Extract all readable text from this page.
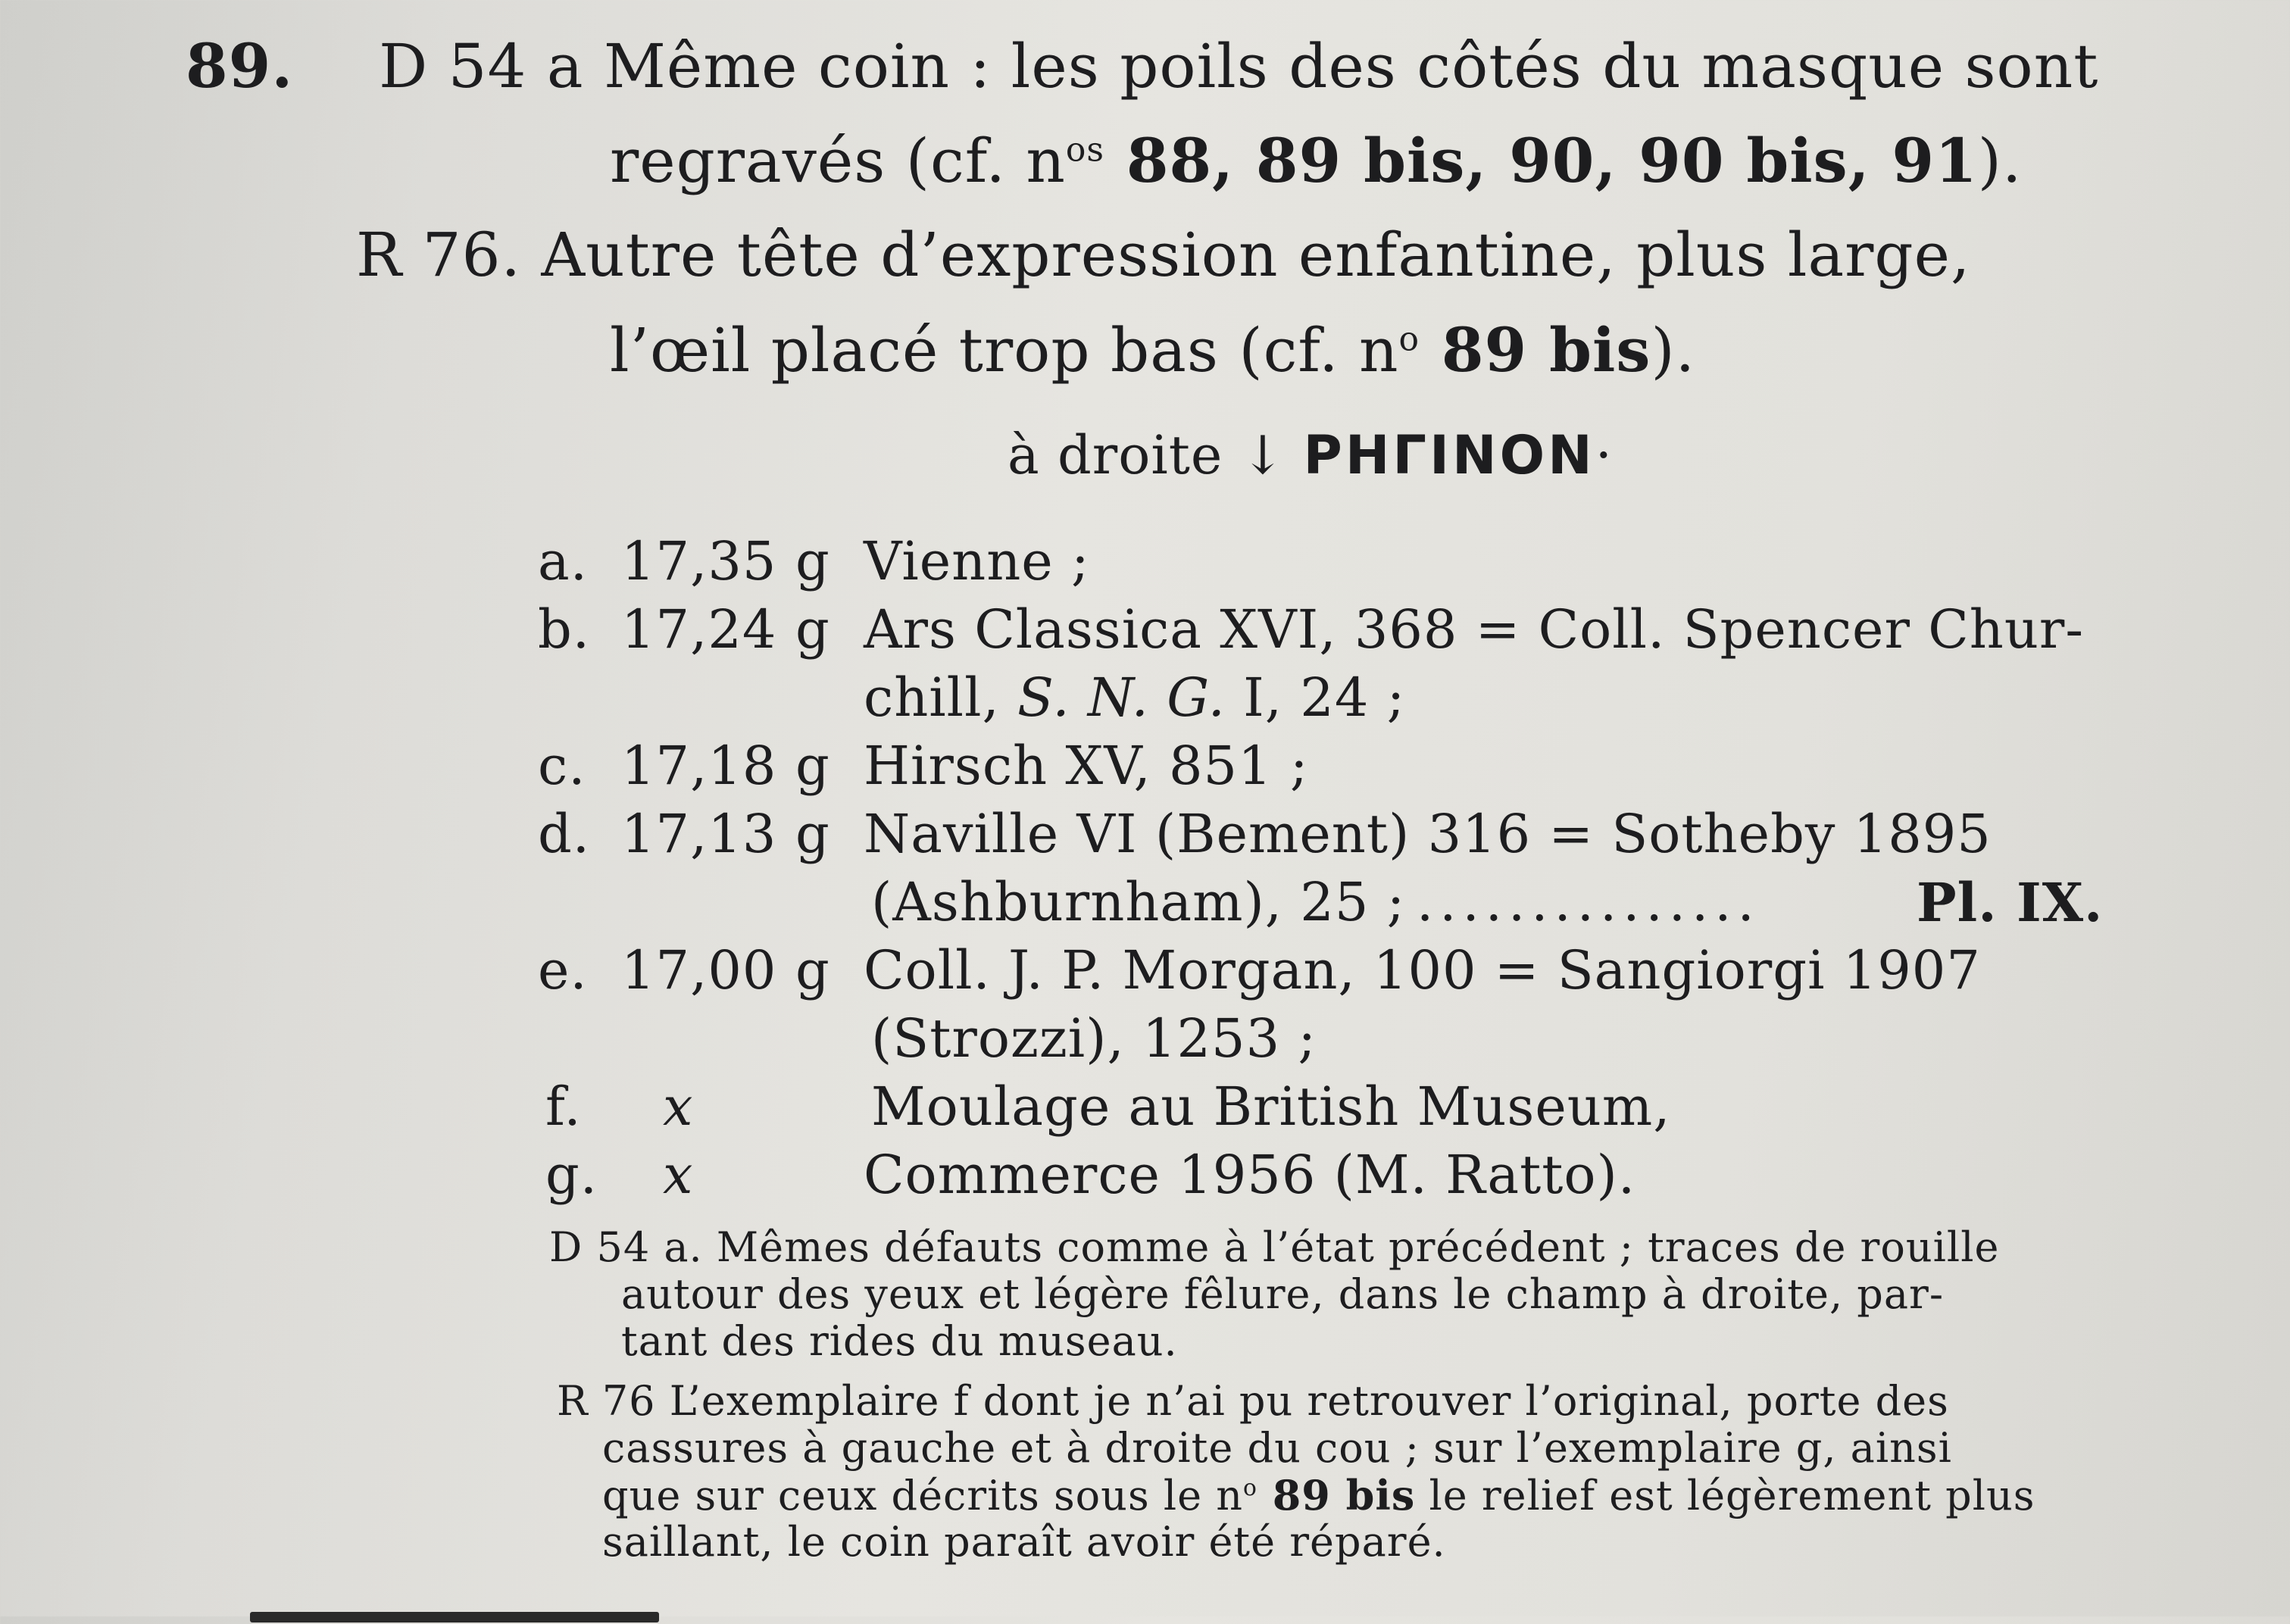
89. D 54 a Même coin : les poils des côtés du masque sont
regravés (cf. $n^{os}$ 88, 89 bis, 90, 90 bis, 91).
R 76. Autre tête d’expression enfantine, plus large,
l’œil placé trop bas (cf. $n^o$ 89 bis).
à droite ↓ ΡΗΓΙΝΟΝ·
a. 17,35 g Vienne ;
b. 17,24 g Ars Classica XVI, 368 = Coll. Spencer Chur-
chill, S. N. G. I, 24 ;
c. 17,18 g Hirsch XV, 851 ;
d. 17,13 g Naville VI (Bement) 316 = Sotheby 1895
(Ashburnham), 25 ; ...............	Pl. IX.
e. 17,00 g Coll. J. P. Morgan, 100 = Sangiorgi 1907
(Strozzi), 1253 ;
f. x	Moulage au British Museum,
g. x	Commerce 1956 (M. Ratto).
D 54 a. Mêmes défauts comme à l’état précédent ; traces de rouille
autour des yeux et légère fêlure, dans le champ à droite, par-
tant des rides du museau.
R 76 L’exemplaire f dont je n’ai pu retrouver l’original, porte des
cassures à gauche et à droite du cou ; sur l’exemplaire g, ainsi
que sur ceux décrits sous le $n^o$ 89 bis le relief est légèrement plus
saillant, le coin paraît avoir été réparé.
